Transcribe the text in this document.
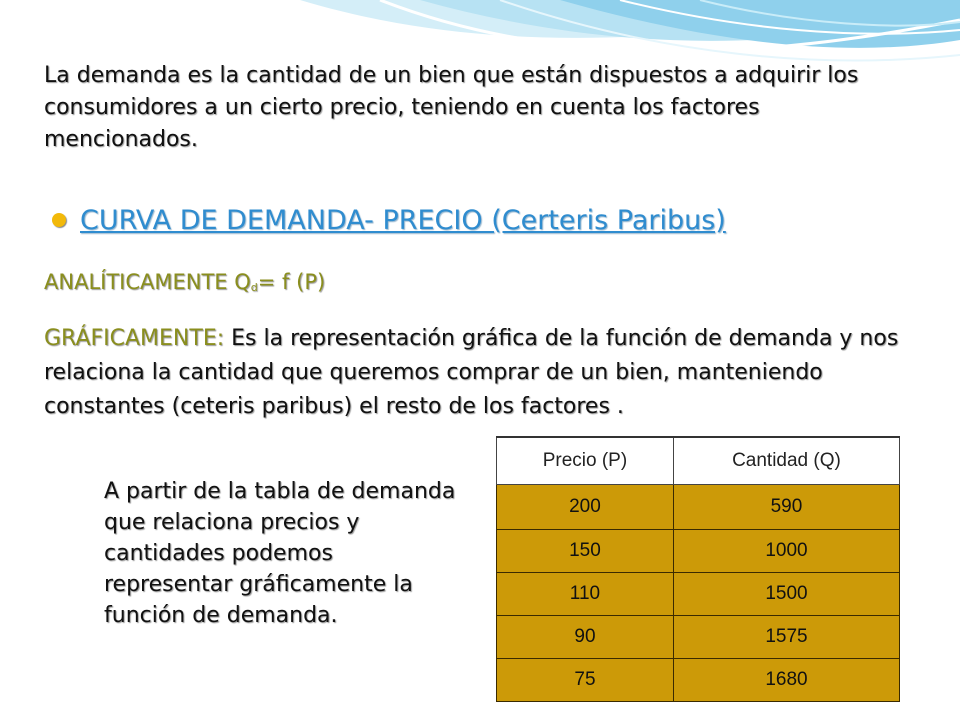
La demanda es la cantidad de un bien que están dispuestos a adquirir los consumidores a un cierto precio, teniendo en cuenta los factores mencionados.
CURVA DE DEMANDA- PRECIO (Certeris Paribus)
ANALÍTICAMENTE $Q_d= f$ (P)
GRÁFICAMENTE: Es la representación gráfica de la función de demanda y nos relaciona la cantidad que queremos comprar de un bien, manteniendo constantes (ceteris paribus) el resto de los factores .
A partir de la tabla de demanda que relaciona precios y cantidades podemos representar gráficamente la función de demanda.
Precio (P)	Cantidad (Q)
200	590
150	1000
110	1500
90	1575
75	1680
